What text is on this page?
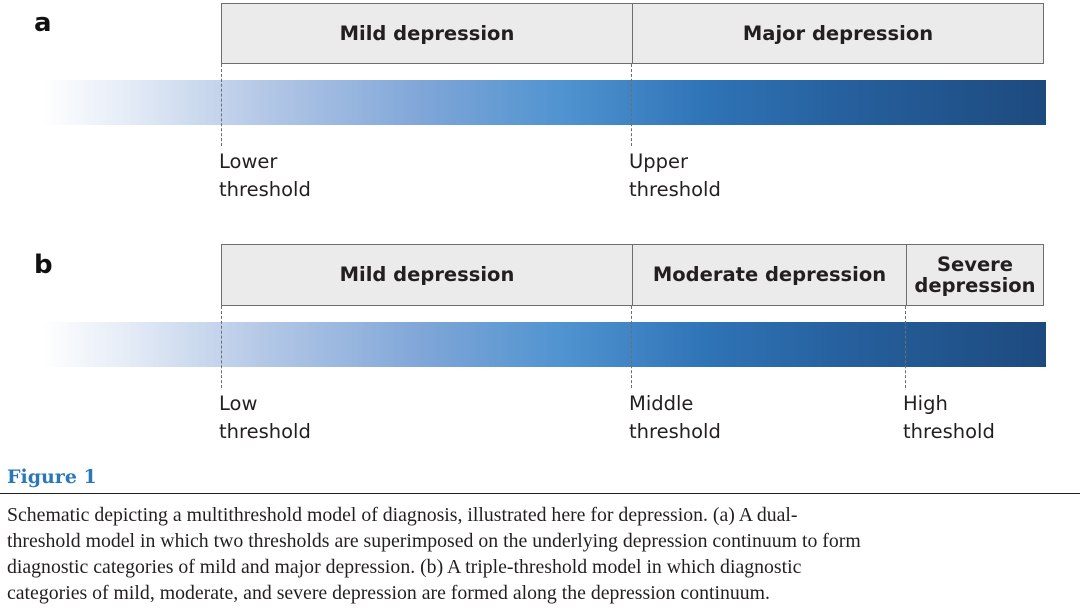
a	Mild depression	Major depression
Lower
threshold
Upper
threshold
b	Mild depression	Moderate depression	Severe
depression
Low
threshold
Middle
threshold
High
threshold
Figure 1
Schematic depicting a multithreshold model of diagnosis, illustrated here for depression. (a) A dual-
threshold model in which two thresholds are superimposed on the underlying depression continuum to form
diagnostic categories of mild and major depression. (b) A triple-threshold model in which diagnostic
categories of mild, moderate, and severe depression are formed along the depression continuum.
